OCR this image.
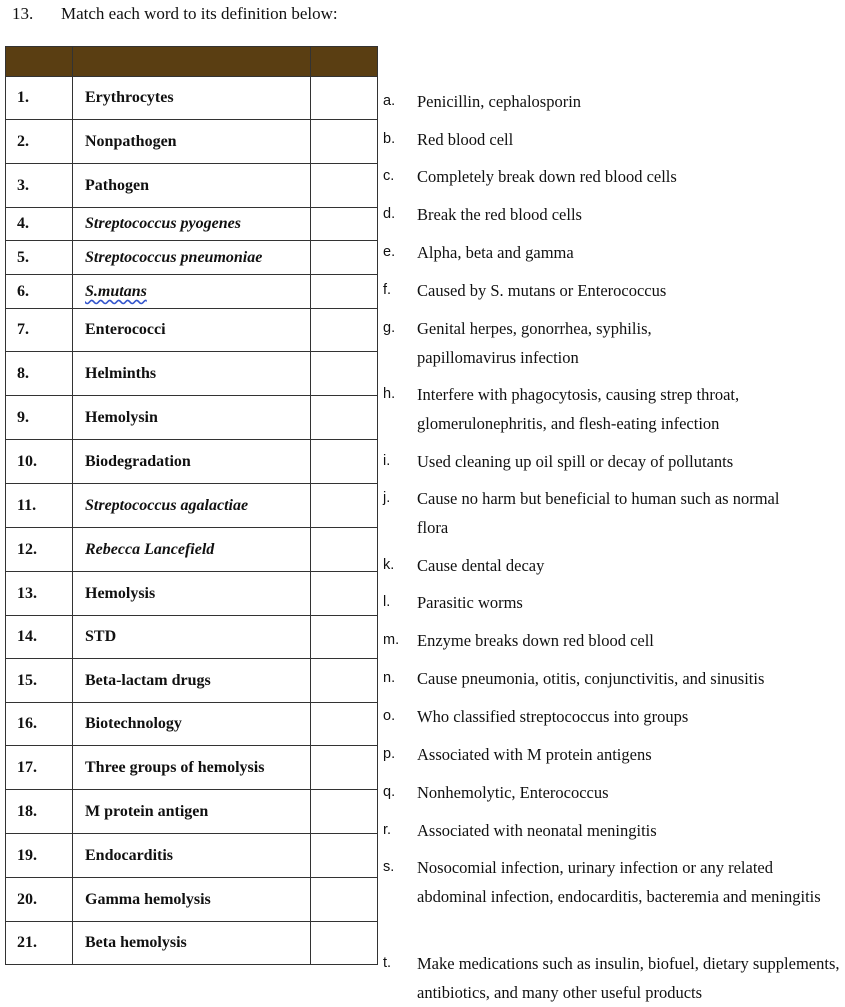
13. Match each word to its definition below:

1.	Erythrocytes	
2.	Nonpathogen	
3.	Pathogen	
4.	Streptococcus pyogenes	
5.	Streptococcus pneumoniae	
6.	S.mutans	
7.	Enterococci	
8.	Helminths	
9.	Hemolysin	
10.	Biodegradation	
11.	Streptococcus agalactiae	
12.	Rebecca Lancefield	
13.	Hemolysis	
14.	STD	
15.	Beta-lactam drugs	
16.	Biotechnology	
17.	Three groups of hemolysis	
18.	M protein antigen	
19.	Endocarditis	
20.	Gamma hemolysis	
21.	Beta hemolysis	
a.	Penicillin, cephalosporin
b.	Red blood cell
c.	Completely break down red blood cells
d.	Break the red blood cells
e.	Alpha, beta and gamma
f.	Caused by S. mutans or Enterococcus
g.	Genital herpes, gonorrhea, syphilis, papillomavirus infection
h.	Interfere with phagocytosis, causing strep throat, glomerulonephritis, and flesh-eating infection
i.	Used cleaning up oil spill or decay of pollutants
j.	Cause no harm but beneficial to human such as normal flora
k.	Cause dental decay
l.	Parasitic worms
m.	Enzyme breaks down red blood cell
n.	Cause pneumonia, otitis, conjunctivitis, and sinusitis
o.	Who classified streptococcus into groups
p.	Associated with M protein antigens
q.	Nonhemolytic, Enterococcus
r.	Associated with neonatal meningitis
s.	Nosocomial infection, urinary infection or any related abdominal infection, endocarditis, bacteremia and meningitis
t.	Make medications such as insulin, biofuel, dietary supplements, antibiotics, and many other useful products
